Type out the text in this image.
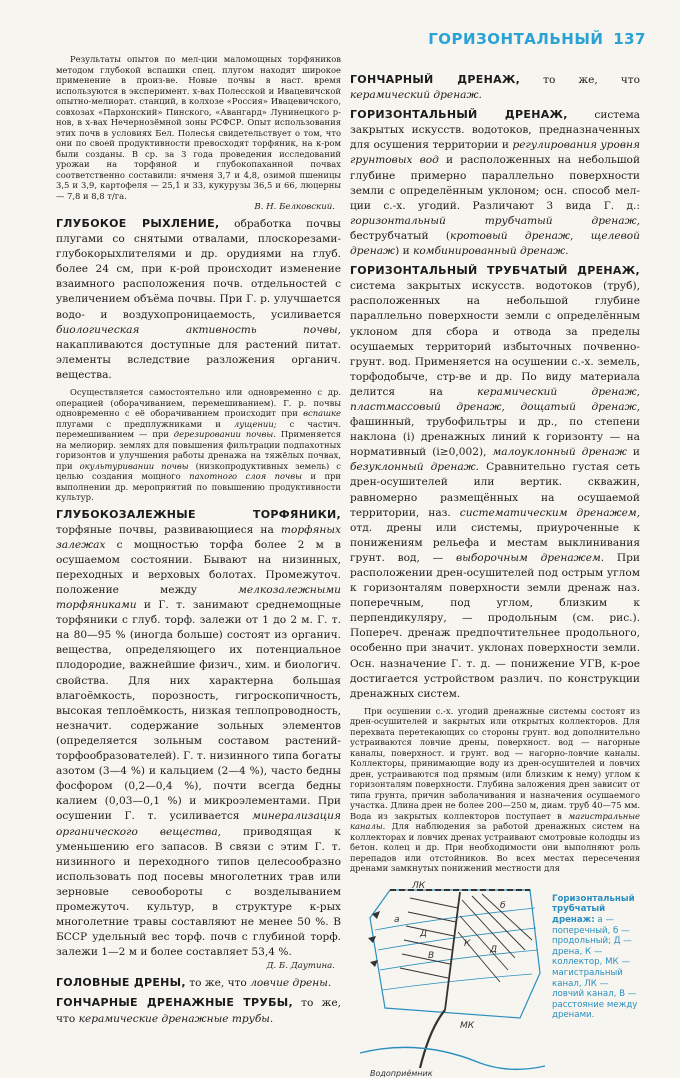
ГОРИЗОНТАЛЬНЫЙ 137

Результаты опытов по мел-ции маломощных торфяников методом глубокой вспашки спец. плугом находят широкое применение в произ-ве. Новые почвы в наст. время используются в эксперимент. х-вах Полесской и Ивацевичской опытно-мелиорат. станций, в колхозе «Россия» Ивацевичского, совхозах «Пархонский» Пинского, «Авангард» Лунинецкого р-нов, в х-вах Нечернозёмной зоны РСФСР. Опыт использования этих почв в условиях Бел. Полесья свидетельствует о том, что они по своей продуктивности превосходят торфяник, на к-ром были созданы. В ср. за 3 года проведения исследований урожаи на торфяной и глубокопаханной почвах соответственно составили: ячменя 3,7 и 4,8, озимой пшеницы 3,5 и 3,9, картофеля — 25,1 и 33, кукурузы 36,5 и 66, люцерны — 7,8 и 8,8 т/га.

В. Н. Белковский.

ГЛУБОКОЕ РЫХЛЕНИЕ, обработка почвы плугами со снятыми отвалами, плоскорезами-глубокорыхлителями и др. орудиями на глуб. более 24 см, при к-рой происходит изменение взаимного расположения почв. отдельностей с увеличением объёма почвы. При Г. р. улучшается водо- и воздухопроницаемость, усиливается биологическая активность почвы, накапливаются доступные для растений питат. элементы вследствие разложения органич. вещества.

Осуществляется самостоятельно или одновременно с др. операцией (оборачиванием, перемешиванием). Г. р. почвы одновременно с её оборачиванием происходит при вспашке плугами с предплужниками и лущении; с частич. перемешиванием — при дерезировании почвы. Применяется на мелиорир. землях для повышения фильтрации подпахотных горизонтов и улучшения работы дренажа на тяжёлых почвах, при окультуривании почвы (низкопродуктивных земель) с целью создания мощного пахотного слоя почвы и при выполнении др. мероприятий по повышению продуктивности культур.

ГЛУБОКОЗАЛЕЖНЫЕ ТОРФЯНИКИ, торфяные почвы, развивающиеся на торфяных залежах с мощностью торфа более 2 м в осушаемом состоянии. Бывают на низинных, переходных и верховых болотах. Промежуточ. положение между мелкозалежными торфяниками и Г. т. занимают среднемощные торфяники с глуб. торф. залежи от 1 до 2 м. Г. т. на 80—95 % (иногда больше) состоят из органич. вещества, определяющего их потенциальное плодородие, важнейшие физич., хим. и биологич. свойства. Для них характерна большая влагоёмкость, порозность, гигроскопичность, высокая теплоёмкость, низкая теплопроводность, незначит. содержание зольных элементов (определяется зольным составом растений-торфообразователей). Г. т. низинного типа богаты азотом (3—4 %) и кальцием (2—4 %), часто бедны фосфором (0,2—0,4 %), почти всегда бедны калием (0,03—0,1 %) и микроэлементами. При осушении Г. т. усиливается минерализация органического вещества, приводящая к уменьшению его запасов. В связи с этим Г. т. низинного и переходного типов целесообразно использовать под посевы многолетних трав или зерновые севообороты с возделыванием промежуточ. культур, в структуре к-рых многолетние травы составляют не менее 50 %. В БССР удельный вес торф. почв с глубиной торф. залежи 1—2 м и более составляет 53,4 %.

Д. Б. Даутина.

ГОЛОВНЫЕ ДРЕНЫ, то же, что ловчие дрены.

ГОНЧАРНЫЕ ДРЕНАЖНЫЕ ТРУБЫ, то же, что керамические дренажные трубы.

ГОНЧАРНЫЙ ДРЕНАЖ, то же, что керамический дренаж.

ГОРИЗОНТАЛЬНЫЙ ДРЕНАЖ, система закрытых искусств. водотоков, предназначенных для осушения территории и регулирования уровня грунтовых вод и расположенных на небольшой глубине примерно параллельно поверхности земли с определённым уклоном; осн. способ мел-ции с.-х. угодий. Различают 3 вида Г. д.: горизонтальный трубчатый дренаж, беструбчатый (кротовый дренаж, щелевой дренаж) и комбинированный дренаж.

ГОРИЗОНТАЛЬНЫЙ ТРУБЧАТЫЙ ДРЕНАЖ, система закрытых искусств. водотоков (труб), расположенных на небольшой глубине параллельно поверхности земли с определённым уклоном для сбора и отвода за пределы осушаемых территорий избыточных почвенно-грунт. вод. Применяется на осушении с.-х. земель, торфодобыче, стр-ве и др. По виду материала делится на керамический дренаж, пластмассовый дренаж, дощатый дренаж, фашинный, трубофильтры и др., по степени наклона (i) дренажных линий к горизонту — на нормативный (i≥0,002), малоуклонный дренаж и безуклонный дренаж. Сравнительно густая сеть дрен-осушителей или вертик. скважин, равномерно размещённых на осушаемой территории, наз. систематическим дренажем, отд. дрены или системы, приуроченные к понижениям рельефа и местам выклинивания грунт. вод, — выборочным дренажем. При расположении дрен-осушителей под острым углом к горизонталям поверхности земли дренаж наз. поперечным, под углом, близким к перпендикуляру, — продольным (см. рис.). Попереч. дренаж предпочтительнее продольного, особенно при значит. уклонах поверхности земли. Осн. назначение Г. т. д. — понижение УГВ, к-рое достигается устройством различ. по конструкции дренажных систем.

При осушении с.-х. угодий дренажные системы состоят из дрен-осушителей и закрытых или открытых коллекторов. Для перехвата перетекающих со стороны грунт. вод дополнительно устраиваются ловчие дрены, поверхност. вод — нагорные каналы, поверхност. и грунт. вод — нагорно-ловчие каналы. Коллекторы, принимающие воду из дрен-осушителей и ловчих дрен, устраиваются под прямым (или близким к нему) углом к горизонталям поверхности. Глубина заложения дрен зависит от типа грунта, причин заболачивания и назначения осушаемого участка. Длина дрен не более 200—250 м, диам. труб 40—75 мм. Вода из закрытых коллекторов поступает в магистральные каналы. Для наблюдения за работой дренажных систем на коллекторах и ловчих дренах устраивают смотровые колодцы из бетон. колец и др. При необходимости они выполняют роль перепадов или отстойников. Во всех местах пересечения дренами замкнутых понижений местности для

ЛК
МК
а
б
Д
Д
К
В
Водоприёмник
Горизонтальный трубчатый дренаж: а — поперечный, б — продольный; Д — дрена, К — коллектор, МК — магистральный канал, ЛК — ловчий канал, В — расстояние между дренами.
